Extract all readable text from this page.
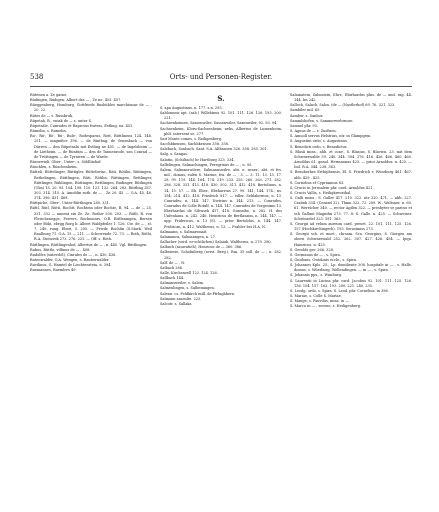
538	Orts- und Personen-Register.

Rütenen a. Ze garne.

Rüdingen, Rüdigen, Albert des — , Ze ne. 455. 457.

Rüeggenberg, Homburg, Gottfrieds Rusbühles marchionae de — , 20. 22.

Rütes de — s. Russbruk.

Rüpetah, B., vniak de — s. unter S.

Rüpetsäle, Cunrades et Raprotus fratres, Estling, na. 451.

Rümelin, s. Rumelin.

Ru-, Rü-, Rö-, Rü-, Rule-, Rodesparus, Rott, Rüttlinens 124. 146. 251. — magnifice 396. — de Rinthag, de Gruenbach — von Dürren — den Rüpetsaln mit Estling ne 451. — de Ingelsheim — de Lietheim. — de Rüntüm — den de Tannenrode, son Conrad — de Trüttingen — de Tyrnwen — de Warde.

Rüesewieli, Ober-, Unter-, s. Söldlitzhof.

Rüschlen, s. Rüschenheim.

Rütteli, Rüttelinger, Rüttigler, Rütteliwinc, Räti, Rötilin, Rüttingen, Rethelingen, Rüttlingen, Räti, Rötilin, Rüttingen, Rettlinger, Rüttlinger, Rühlingen, Rüttingen, Rettlingen, Rudinger, Rütlingen (Ulm) 15. 20. 95. 104. 108. 110. 121. 132. 264. 283. Rüttling 287. 303. 314. 315. A. Ameldin sutb. de — , Ze 20. 45. — O.A. 45. 46. 374. 396. 431. 469.

Rüttpiche, Ober-, Unter-Rüttlingen 280. 331.

Rüttl, Rütl, Rütti, Rochtt, Rochtein oder Rochte, R, 94. — de — 25. 331. 332 — unnent ein Ze. Ze. Rothiv 200. 203. — Rütli, R. von Fleischenegge, Ferrers, Rochmears, O.R. Rittleningen, Bersen oder Böhi, ebrgg Rorg b. Albert Waldpfeiler 1. 126. Cte. de — , st. 7. 240. rung. Eberi, 3. 295. — Friedr. Rochlin (S.Stark, Weil Raulburg 71. O.A. 15 — 211. — Scherrende 72. 73. — Roth, Röthi, R.A. Stoitzrek 273. 276. 231. — Off. s. Roth.

Rüttlingen, Rüttlingenhof, Albertus de — , n. 440. Vgl. Rüttlingen.

Rubus, Rüttle, villinus de — , 408.

Rudolfes (sutevrlöl), Cinrales de — , n. 430. 436.

Rutenwalder, O.A. Wengen, s. Rautenwalder.

Ravilinus, G. Hamtel de Liechtensteia, n. 394.

Ruemannes, Ruemlers 49.

S.

S. apa Augustinus, n. 177. s.n. 293.

Sablonneis apt. (sah.) Willehinus 92. 101. 111. 126. 126. 193. 200. 221.

Sachsenheimen, Sassenwilre, Sassenwiler, Saxenwiler, 92. 93. 94.

Sachsenheim, Kloru-Sachsenheim, neks, Albertus de Lumenheim, phlt. intersent se. 277.

Sait Monte comes, s. Reiligenberg.

Sacchbkensen, Sachbkensen 358. 358.

Salebach, Sonbach, Sant. S.A. Althausen 326. 358. 285. 301.

Salg. s. Sangas.

Salatin, (Schiltach) hr Hartburg 323. 334.

Salfelingen, Salmachingen, Peregrinus de — , n. 95.

Salem, Salmanswilere, Salmannswilre, abt. e. sener., abt. et frs. mil., domus, sulen S. Marine, fra. de — , 3. — 3. 11. 13. 15. 17. 28. 99. 119. 144. 164. 174. 219. 233. 255. 260. 263. 271. 282. 286. 328. 331. 413. 418. 430. 502, 511. 412. 418. Bertolinus, n. 14. 15. 57. — Eb. Eber., Ebeharrius 27. 99. 141. 144. 174., ns. 194. 214. 412. 418. Friedrich 817. — edler. Sehlabernus, n. 13. Cunrades, n. 144. 147. Dietrins n. 144. 213. — Cunrades, Conradus de Colle Rotulf, n. 144. 147. Cunrades de Vorgesimo 13. Eberhardus de Silvaseh 417. 418. Gunssibe, n. 282. H. des Unfenhaus. n. 242. 246. Heinricus de Bertlasaim, n. 144. 147. — upp. Fridericus, n. 13 (S). — prior Bertoldus, n. 144. 147. Fridrican, n. 412. Waltherus, n. 13. — Frahler bei H.A. N.

Salmaann, s. Salmarsmait.

Salamanca, Salmanngen, n. 27.

Sallacher (verd. er-schtlichen) Salaiab, Waltherus, n. 279. 280.

Salbach (sauwatieh), Henricus de — 360. 386.

Salbenwie, Scholinberg (servi. Berg.), Rm. 35 soll. de — , n. 282. 282.

Salf. de — , N.

Salbach 286.

Salle, Kirchenzell 123. 124. 126.

Sallbach 144.

Salmansweiler, s. Salem.

Salmeulingen, s. Salbemingen.

Salenn. cs. Feldkirch mill. de Pfrlnghbern.

Salmonn sasenlte. 223.

Salcotr. s. Sallakz.

Salamatein, Salmstein, Ehrr., Ebirhardus plns. de — und. rag. 44. 144. Im 242.

Salloch, Salach, Salza, (de — (Nastlerhof) 69. 76. 321. 323.

Sambiler mil. 65.

Sambor, s. Sanbor.

Sammlshofen, s. Sammerwehrnuse.

Samuel phr. 93.

S. Agnus de — s. Zusfisen.

S. Amuoll servus Helstrius, ntr. in Glampgem.

S. Augustini ordo, s. Augustinus.

S. Benedicti ordo, s. Benedictus.

S. Blasii mins., abb. et conv., S. Blasius, S. Blavien. 23. mit dem Schwarzwalde 59. 240. 344. 394. 376. 416. 426. 466. 460. 460. Arnoldus 61. gnnol. Hermannus 425. — prior Arnoldus. n. 425. — Ind. R.A. 344. 238. 363.

S. Besuberhes Erthiphensis, El. S. Friedrich v. Würzburg 461. 467. abb. 429 . 425.

S. Cornelius et Cypriannus 83.

S. Crucis in Jerusalem phr. card. Arnoldus 421.

S. Crucis Vallis, s. Heiligkreuzthal.

S. Galli mons., S. Galler 417. 210. 322. ntr 320. 471. — abb. 227. Crabnk 334. (Conrad 32). Thmn 322. 72. 209. W., Waltsner, n. 60. 61. Wereicher 340. — rector Agilen 322. — presbyter se parcus et sch Galluni Magnifin 273. 77. 8: S. Galle. n. 425. — Schweiser. Schrönzelel 325. 391. 363.

S. Georgii ad velum aureum card. preset. 22. 101. 111. 125. 126. 157 (Hochkirchingerh). 193. Serasimiss 273.

S. Georgii sch. et mort., chrsam. Sca. Georgius, S. Giorgen am obern Schwarzwald 252. 262. 307. 427. 426. 454. — Ipqu. Hainricus. n. 425.

S. Gerolds ger. 266. 328.

S. Germanus de — , s. Spira.

S. Guidonis, Gwidonis eccle., s. Spira.

S. Johannes Kpls. 25., Lp. domiliente 308. hospitale in — , s. Halle, domus, s. Würzburg, Wollendingen. — in — , s. Spira.

S. Johannis pps., s. Wimburg.

S. Laurentii in Lucina phr. card. Jacobus 92. 101. 111. 125. 126. 136. 154. 157. 163. 193. 200. 221. 240. 235.

S. Leodg. ordo, s. Spira. S. Leod. phr. Cornelius. in 396.

S. Mariae, s. Colle S. Mariae.

S. Mauge, s. Fauvilus, mins. in — .

S. Marcu in — , serene, s. Heiligenberg.
